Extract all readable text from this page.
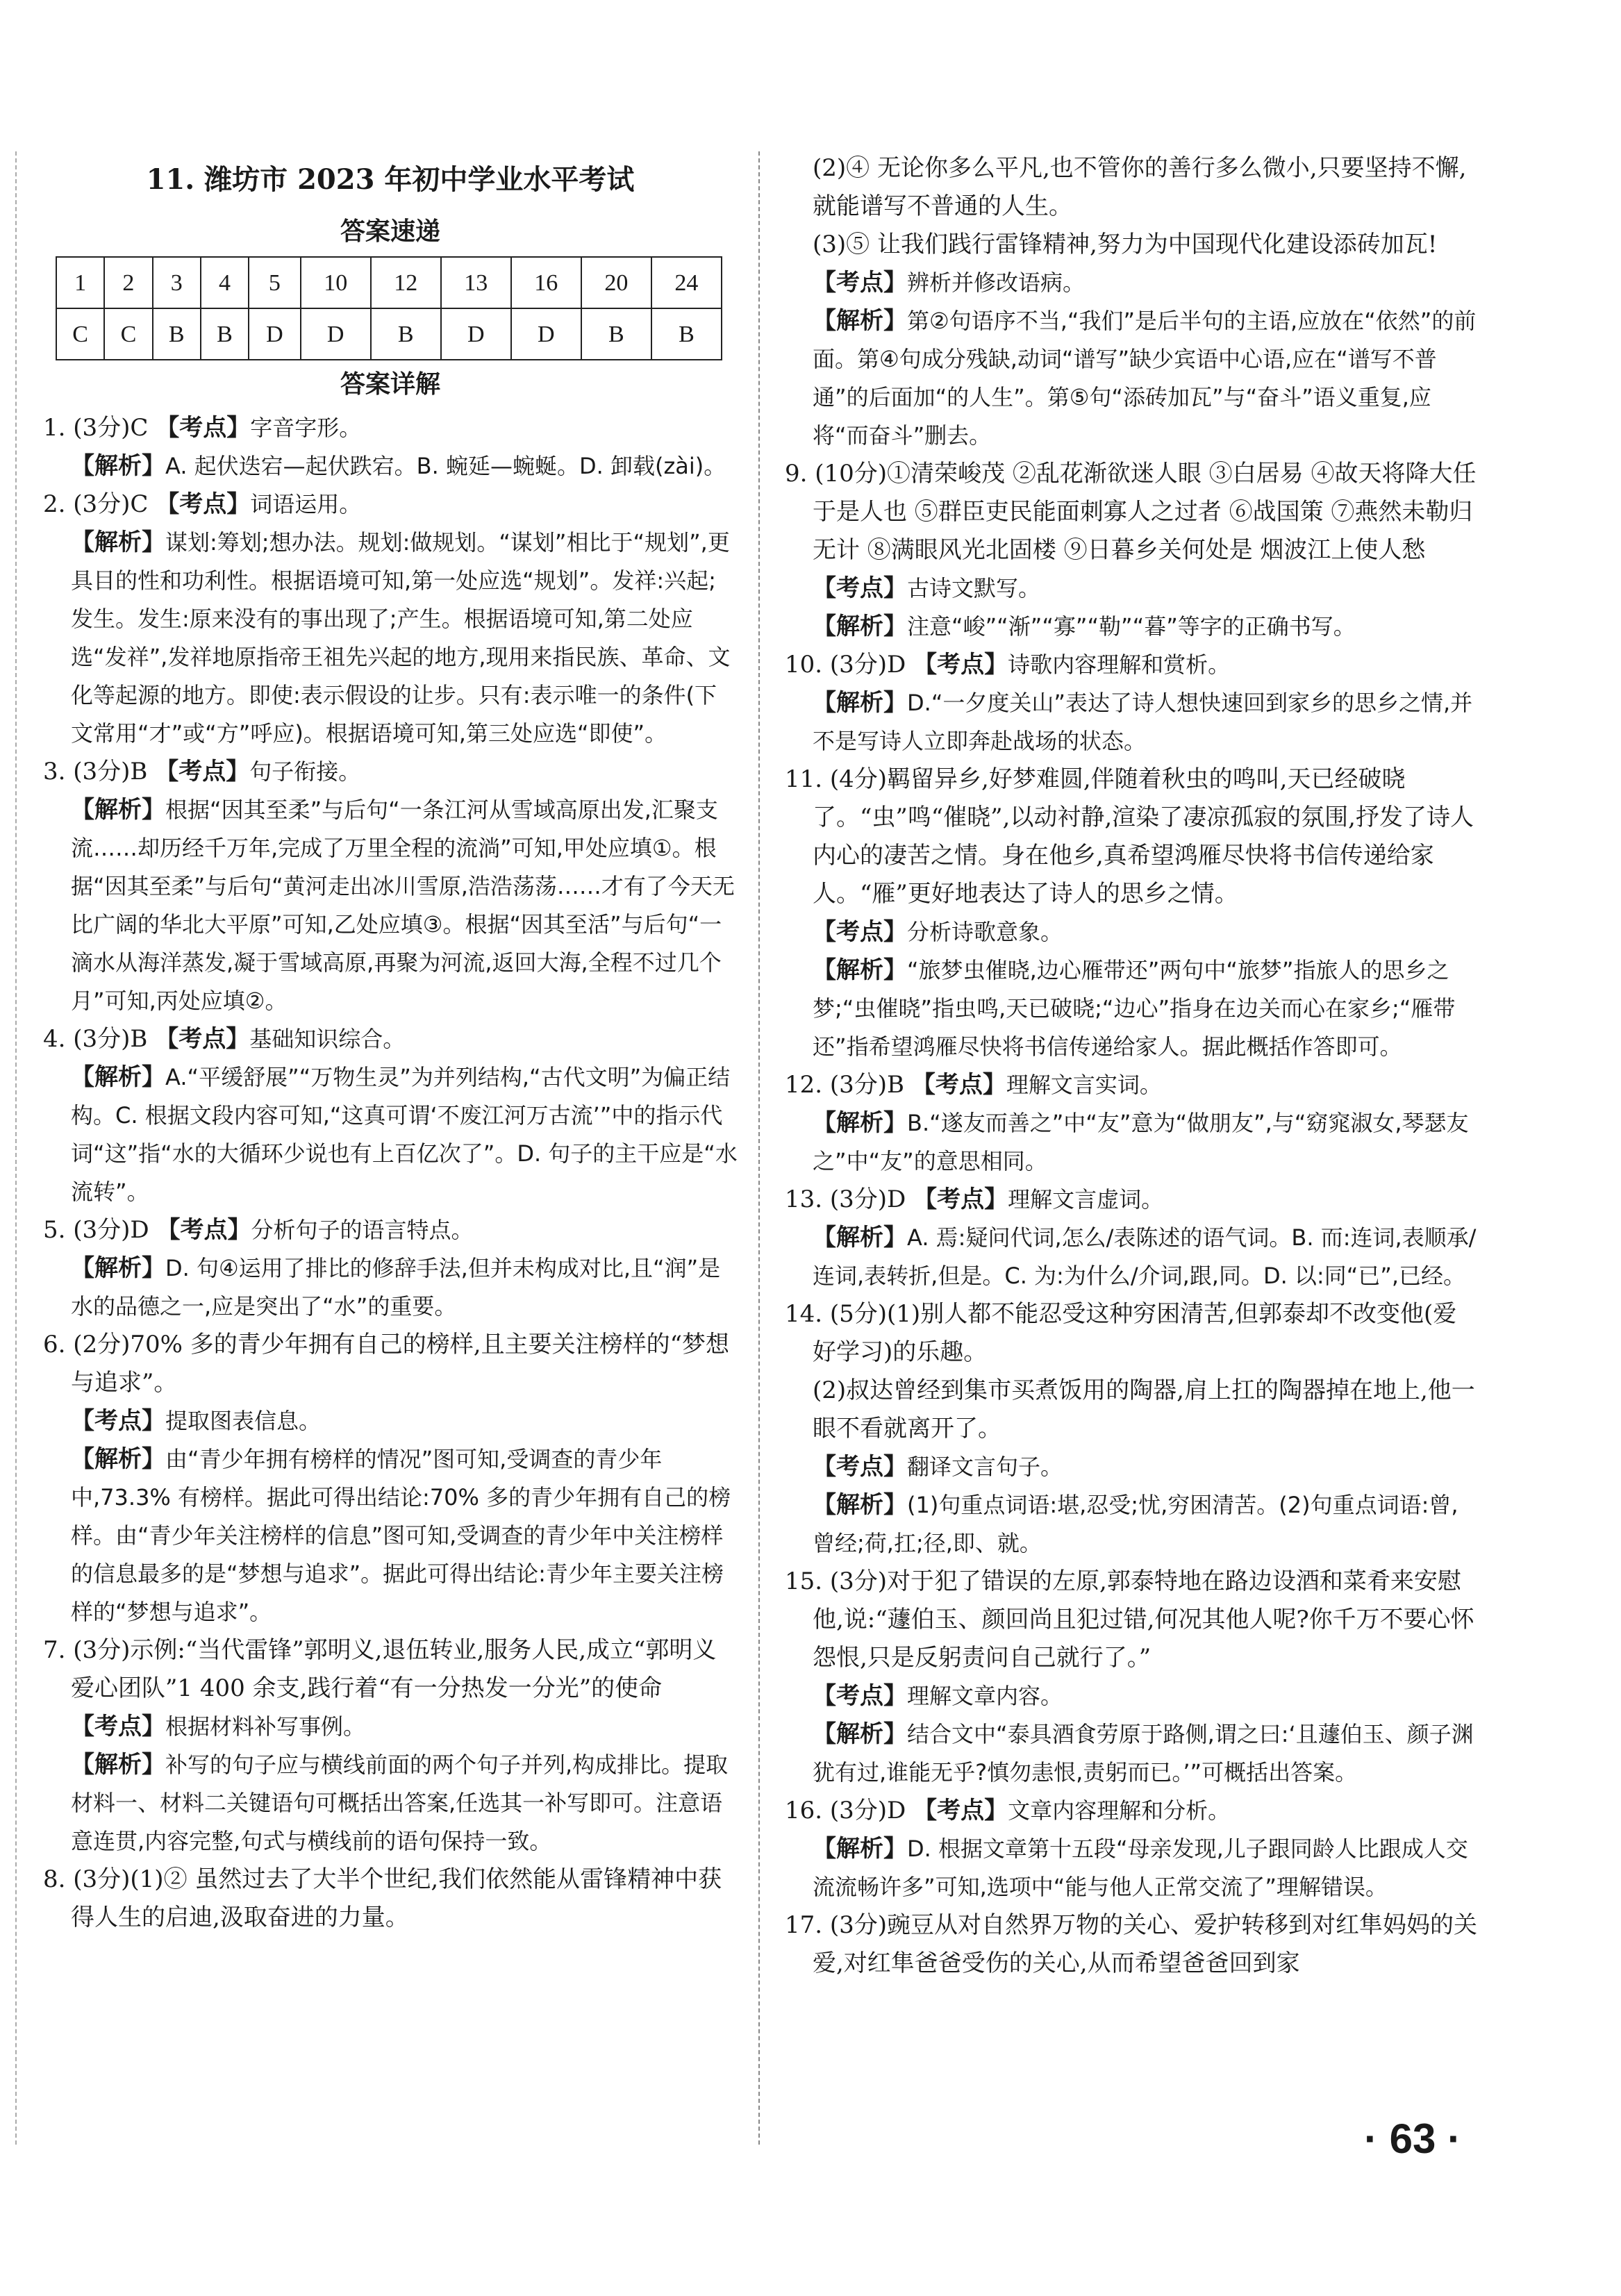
11. 潍坊市 2023 年初中学业水平考试
答案速递
1	2	3	4	5	10	12	13	16	20	24
C	C	B	B	D	D	B	D	D	B	B
答案详解

1. (3分)C 【考点】字音字形。

【解析】A. 起伏迭宕—起伏跌宕。B. 蜿延—蜿蜒。D. 卸载(zài)。

2. (3分)C 【考点】词语运用。

【解析】谋划:筹划;想办法。规划:做规划。“谋划”相比于“规划”,更具目的性和功利性。根据语境可知,第一处应选“规划”。发祥:兴起;发生。发生:原来没有的事出现了;产生。根据语境可知,第二处应选“发祥”,发祥地原指帝王祖先兴起的地方,现用来指民族、革命、文化等起源的地方。即使:表示假设的让步。只有:表示唯一的条件(下文常用“才”或“方”呼应)。根据语境可知,第三处应选“即使”。

3. (3分)B 【考点】句子衔接。

【解析】根据“因其至柔”与后句“一条江河从雪域高原出发,汇聚支流……却历经千万年,完成了万里全程的流淌”可知,甲处应填①。根据“因其至柔”与后句“黄河走出冰川雪原,浩浩荡荡……才有了今天无比广阔的华北大平原”可知,乙处应填③。根据“因其至活”与后句“一滴水从海洋蒸发,凝于雪域高原,再聚为河流,返回大海,全程不过几个月”可知,丙处应填②。

4. (3分)B 【考点】基础知识综合。

【解析】A.“平缓舒展”“万物生灵”为并列结构,“古代文明”为偏正结构。C. 根据文段内容可知,“这真可谓‘不废江河万古流’”中的指示代词“这”指“水的大循环少说也有上百亿次了”。D. 句子的主干应是“水流转”。

5. (3分)D 【考点】分析句子的语言特点。

【解析】D. 句④运用了排比的修辞手法,但并未构成对比,且“润”是水的品德之一,应是突出了“水”的重要。

6. (2分)70% 多的青少年拥有自己的榜样,且主要关注榜样的“梦想与追求”。

【考点】提取图表信息。

【解析】由“青少年拥有榜样的情况”图可知,受调查的青少年中,73.3% 有榜样。据此可得出结论:70% 多的青少年拥有自己的榜样。由“青少年关注榜样的信息”图可知,受调查的青少年中关注榜样的信息最多的是“梦想与追求”。据此可得出结论:青少年主要关注榜样的“梦想与追求”。

7. (3分)示例:“当代雷锋”郭明义,退伍转业,服务人民,成立“郭明义爱心团队”1 400 余支,践行着“有一分热发一分光”的使命

【考点】根据材料补写事例。

【解析】补写的句子应与横线前面的两个句子并列,构成排比。提取材料一、材料二关键语句可概括出答案,任选其一补写即可。注意语意连贯,内容完整,句式与横线前的语句保持一致。

8. (3分)(1)② 虽然过去了大半个世纪,我们依然能从雷锋精神中获得人生的启迪,汲取奋进的力量。

(2)④ 无论你多么平凡,也不管你的善行多么微小,只要坚持不懈,就能谱写不普通的人生。

(3)⑤ 让我们践行雷锋精神,努力为中国现代化建设添砖加瓦!

【考点】辨析并修改语病。

【解析】第②句语序不当,“我们”是后半句的主语,应放在“依然”的前面。第④句成分残缺,动词“谱写”缺少宾语中心语,应在“谱写不普通”的后面加“的人生”。第⑤句“添砖加瓦”与“奋斗”语义重复,应将“而奋斗”删去。

9. (10分)①清荣峻茂 ②乱花渐欲迷人眼 ③白居易 ④故天将降大任于是人也 ⑤群臣吏民能面刺寡人之过者 ⑥战国策 ⑦燕然未勒归无计 ⑧满眼风光北固楼 ⑨日暮乡关何处是 烟波江上使人愁

【考点】古诗文默写。

【解析】注意“峻”“渐”“寡”“勒”“暮”等字的正确书写。

10. (3分)D 【考点】诗歌内容理解和赏析。

【解析】D.“一夕度关山”表达了诗人想快速回到家乡的思乡之情,并不是写诗人立即奔赴战场的状态。

11. (4分)羁留异乡,好梦难圆,伴随着秋虫的鸣叫,天已经破晓了。“虫”鸣“催晓”,以动衬静,渲染了凄凉孤寂的氛围,抒发了诗人内心的凄苦之情。身在他乡,真希望鸿雁尽快将书信传递给家人。“雁”更好地表达了诗人的思乡之情。

【考点】分析诗歌意象。

【解析】“旅梦虫催晓,边心雁带还”两句中“旅梦”指旅人的思乡之梦;“虫催晓”指虫鸣,天已破晓;“边心”指身在边关而心在家乡;“雁带还”指希望鸿雁尽快将书信传递给家人。据此概括作答即可。

12. (3分)B 【考点】理解文言实词。

【解析】B.“遂友而善之”中“友”意为“做朋友”,与“窈窕淑女,琴瑟友之”中“友”的意思相同。

13. (3分)D 【考点】理解文言虚词。

【解析】A. 焉:疑问代词,怎么/表陈述的语气词。B. 而:连词,表顺承/连词,表转折,但是。C. 为:为什么/介词,跟,同。D. 以:同“已”,已经。

14. (5分)(1)别人都不能忍受这种穷困清苦,但郭泰却不改变他(爱好学习)的乐趣。

(2)叔达曾经到集市买煮饭用的陶器,肩上扛的陶器掉在地上,他一眼不看就离开了。

【考点】翻译文言句子。

【解析】(1)句重点词语:堪,忍受;忧,穷困清苦。(2)句重点词语:曾,曾经;荷,扛;径,即、就。

15. (3分)对于犯了错误的左原,郭泰特地在路边设酒和菜肴来安慰他,说:“蘧伯玉、颜回尚且犯过错,何况其他人呢?你千万不要心怀怨恨,只是反躬责问自己就行了。”

【考点】理解文章内容。

【解析】结合文中“泰具酒食劳原于路侧,谓之曰:‘且蘧伯玉、颜子渊犹有过,谁能无乎?慎勿恚恨,责躬而已。’”可概括出答案。

16. (3分)D 【考点】文章内容理解和分析。

【解析】D. 根据文章第十五段“母亲发现,儿子跟同龄人比跟成人交流流畅许多”可知,选项中“能与他人正常交流了”理解错误。

17. (3分)豌豆从对自然界万物的关心、爱护转移到对红隼妈妈的关爱,对红隼爸爸受伤的关心,从而希望爸爸回到家

· 63 ·
